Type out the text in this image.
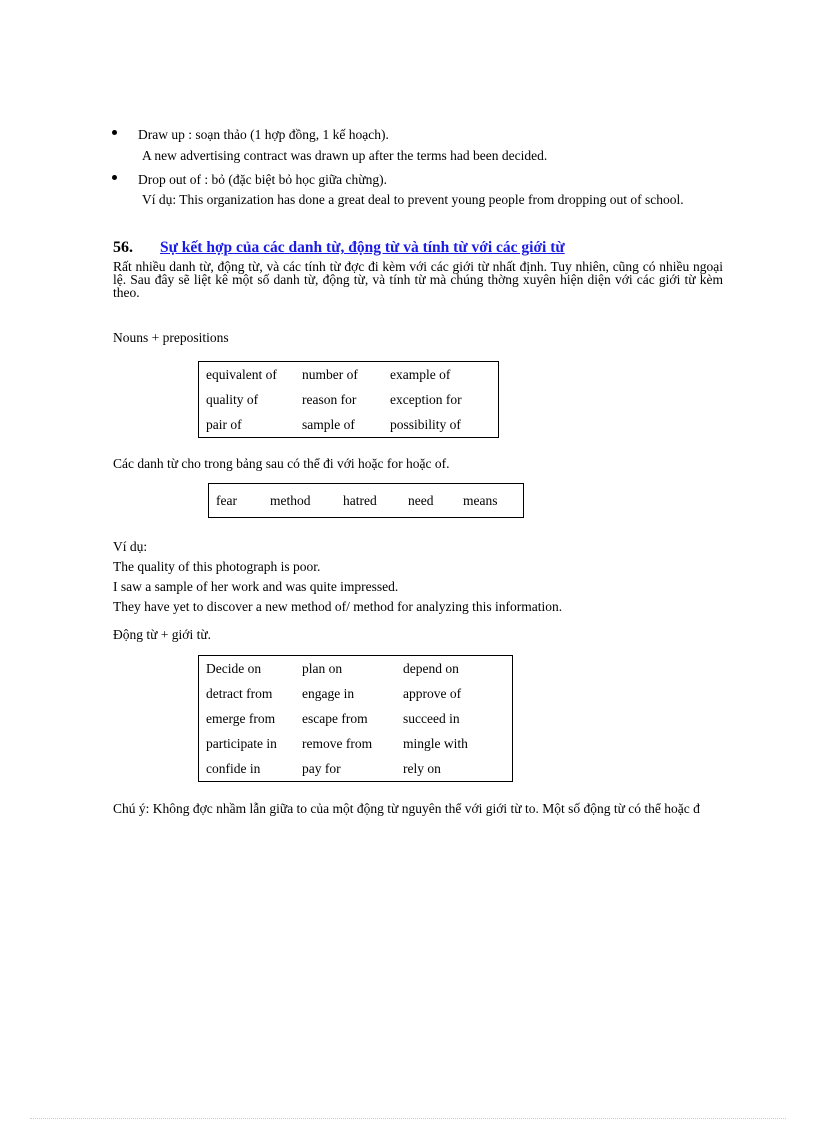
Draw up : soạn thảo (1 hợp đồng, 1 kế hoạch).
A new advertising contract was drawn up after the terms had been decided.
Drop out of : bỏ (đặc biệt bỏ học giữa chừng).
Ví dụ: This organization has done a great deal to prevent young people from dropping out of school.
56. Sự kết hợp của các danh từ, động từ và tính từ với các giới từ
Rất nhiều danh từ, động từ, và các tính từ đợc đi kèm với các giới từ nhất định. Tuy nhiên, cũng có nhiều ngoại lệ. Sau đây sẽ liệt kê một số danh từ, động từ, và tính từ mà chúng thờng xuyên hiện diện với các giới từ kèm theo.
Nouns + prepositions
equivalent of	number of	example of
quality of	reason for	exception for
pair of	sample of	possibility of
Các danh từ cho trong bảng sau có thể đi với hoặc for hoặc of.
fear method hatred need means
Ví dụ:
The quality of this photograph is poor.
I saw a sample of her work and was quite impressed.
They have yet to discover a new method of/ method for analyzing this information.
Động từ + giới từ.
Decide on	plan on	depend on
detract from	engage in	approve of
emerge from	escape from	succeed in
participate in	remove from	mingle with
confide in	pay for	rely on
Chú ý: Không đợc nhầm lẫn giữa to của một động từ nguyên thể với giới từ to. Một số động từ có thể hoặc đ
